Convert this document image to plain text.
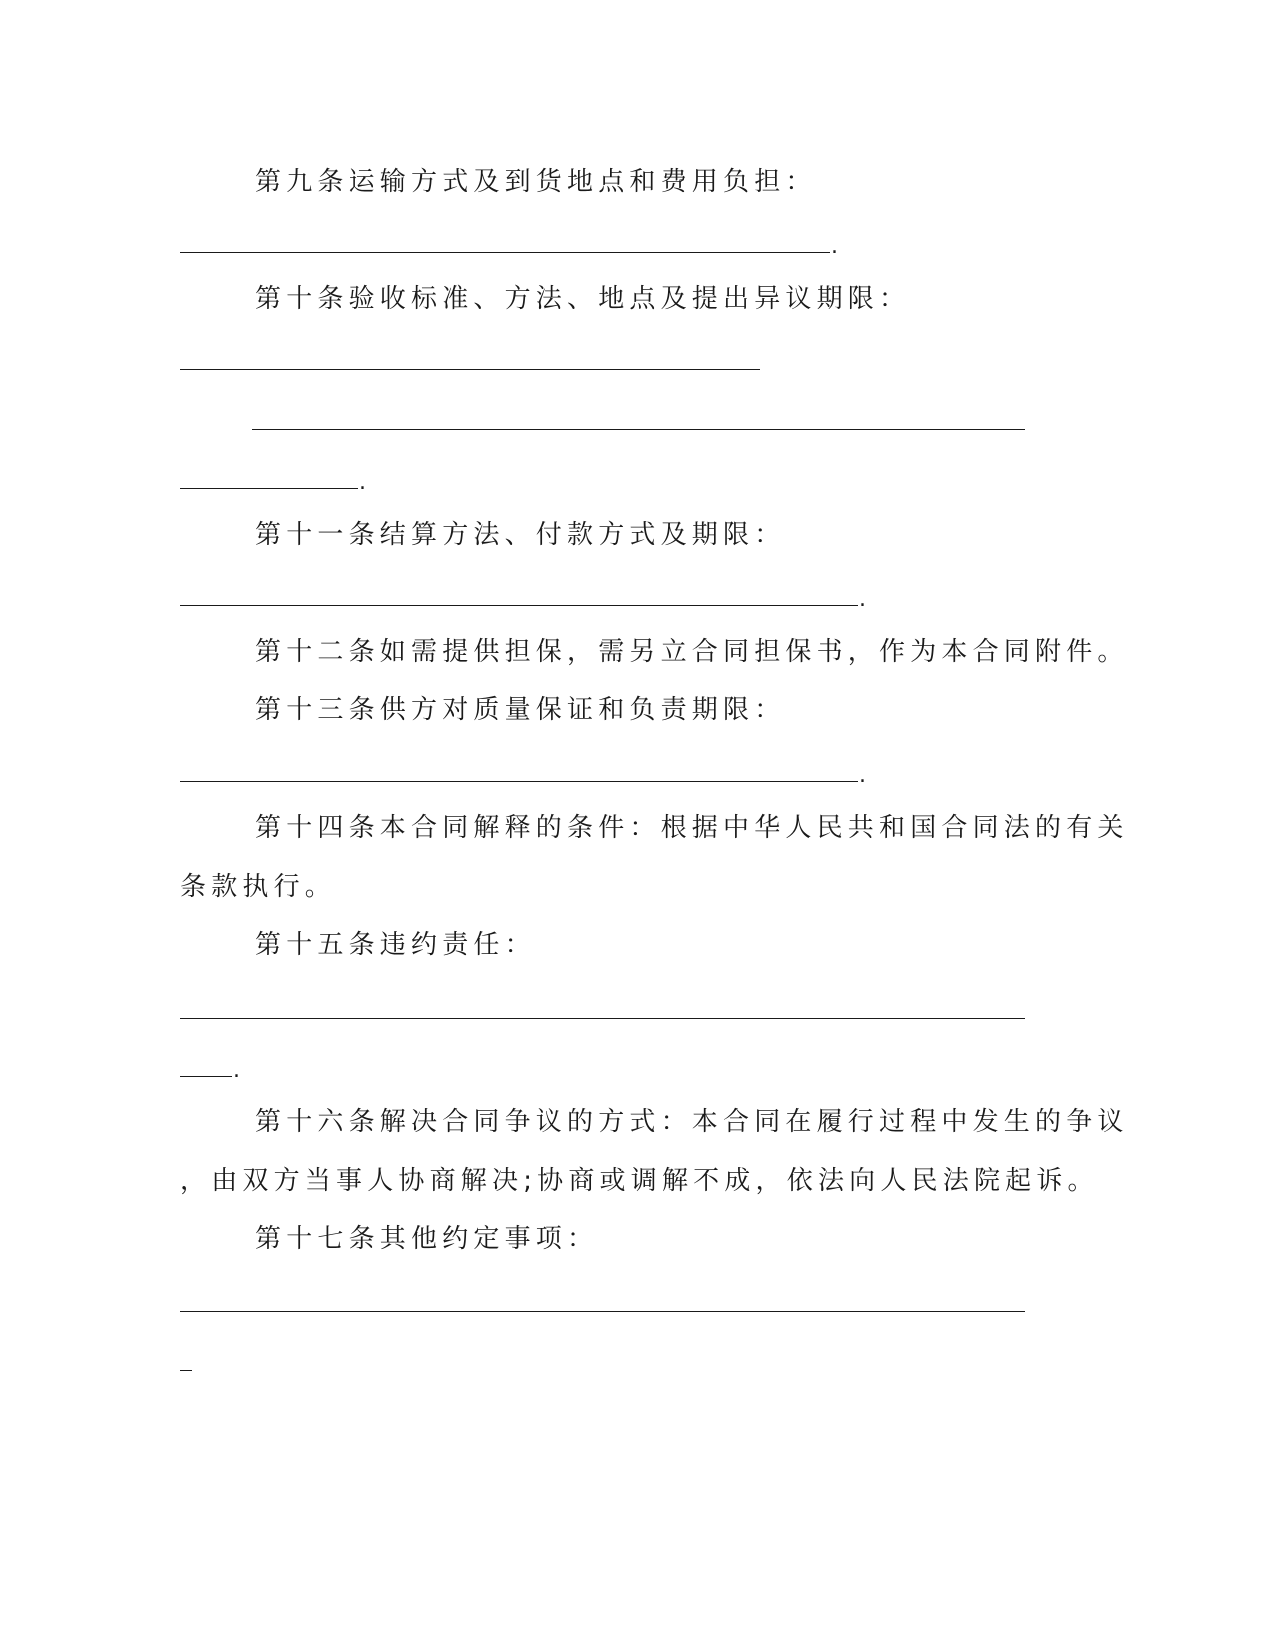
第九条运输方式及到货地点和费用负担：
.
第十条验收标准、方法、地点及提出异议期限：
.
第十一条结算方法、付款方式及期限：
.
第十二条如需提供担保，需另立合同担保书，作为本合同附件。
第十三条供方对质量保证和负责期限：
.
第十四条本合同解释的条件：根据中华人民共和国合同法的有关
条款执行。
第十五条违约责任：
.
第十六条解决合同争议的方式：本合同在履行过程中发生的争议
，由双方当事人协商解决;协商或调解不成，依法向人民法院起诉。
第十七条其他约定事项：
